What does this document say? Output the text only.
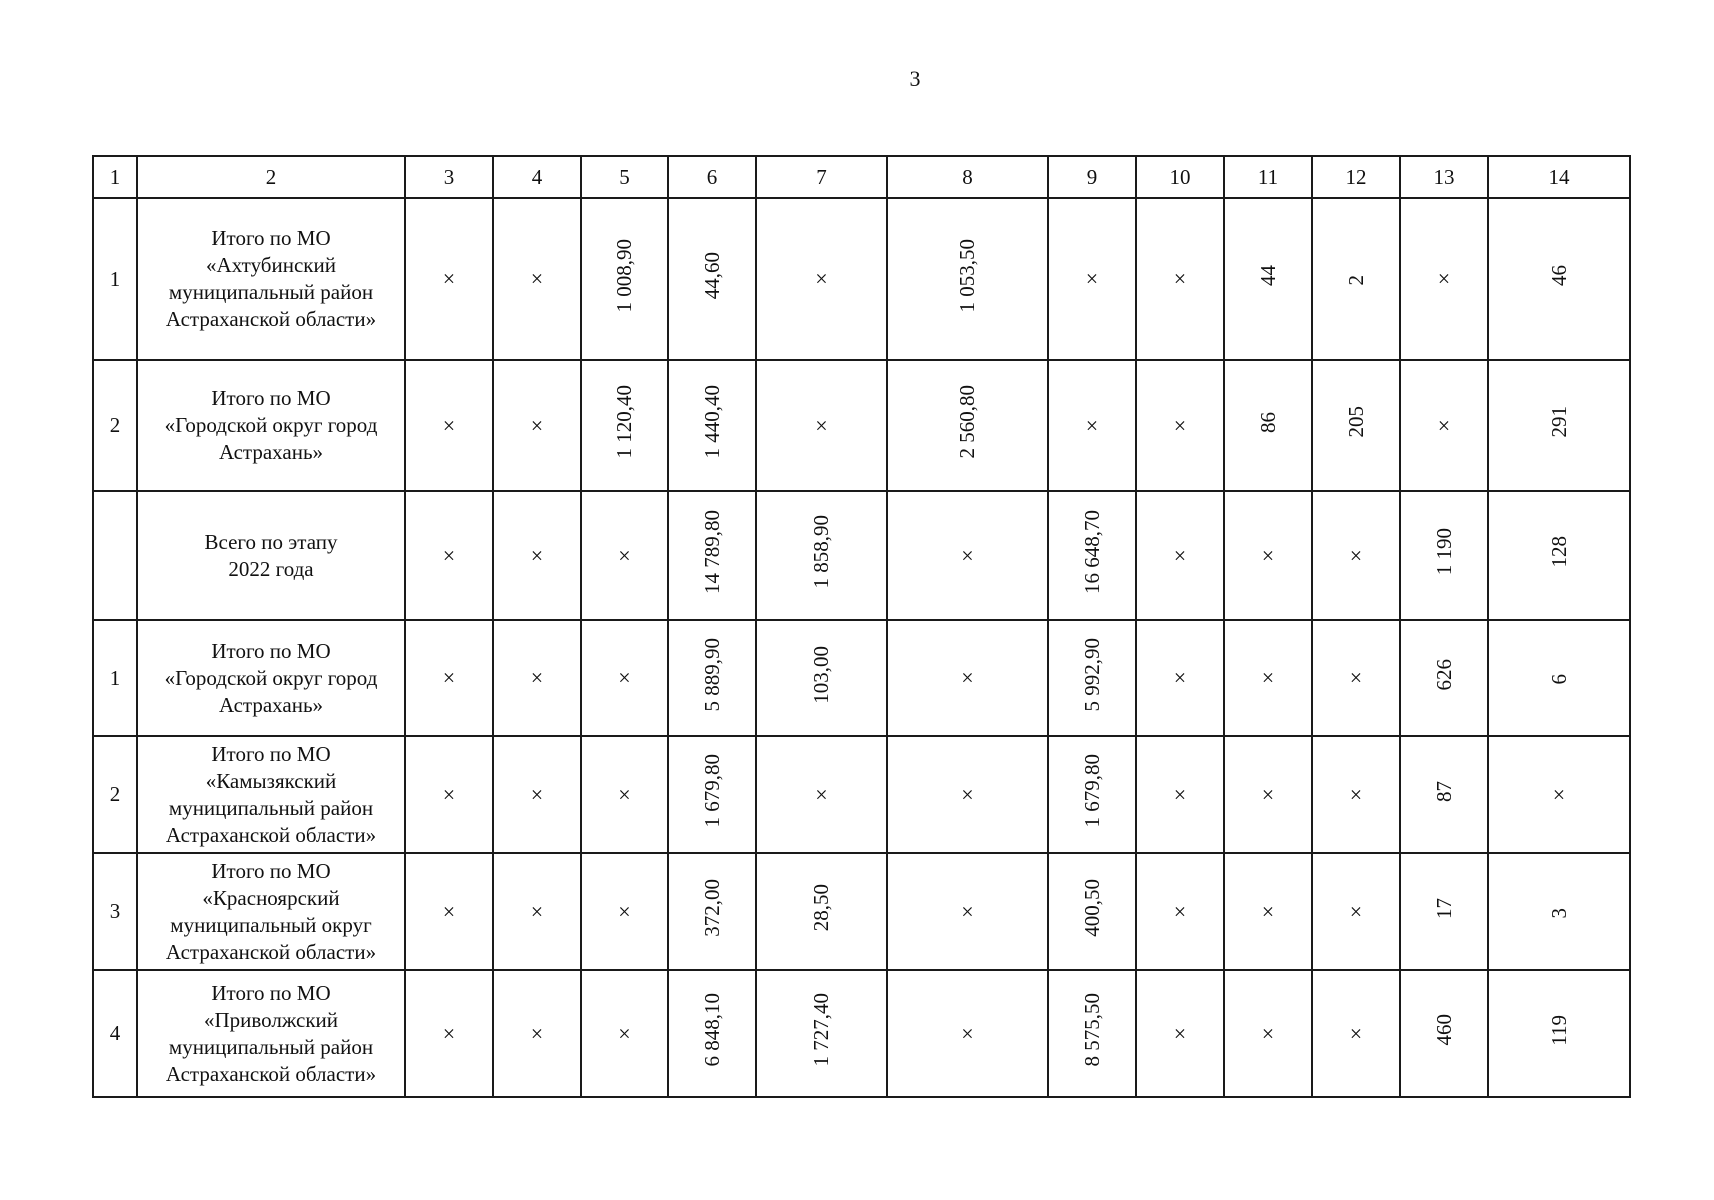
3
1	2	3	4	5	6	7	8	9	10	11	12	13	14
1	Итого по МО
«Ахтубинский
муниципальный район
Астраханской области»	×	×	1 008,90	44,60	×	1 053,50	×	×	44	2	×	46
2	Итого по МО
«Городской округ город
Астрахань»	×	×	1 120,40	1 440,40	×	2 560,80	×	×	86	205	×	291

	Всего по этапу
2022 года	×	×	×	14 789,80	1 858,90	×	16 648,70	×	×	×	1 190	128
1	Итого по МО
«Городской округ город
Астрахань»	×	×	×	5 889,90	103,00	×	5 992,90	×	×	×	626	6
2	Итого по МО
«Камызякский
муниципальный район
Астраханской области»	×	×	×	1 679,80	×	×	1 679,80	×	×	×	87	×
3	Итого по МО
«Красноярский
муниципальный округ
Астраханской области»	×	×	×	372,00	28,50	×	400,50	×	×	×	17	3
4	Итого по МО
«Приволжский
муниципальный район
Астраханской области»	×	×	×	6 848,10	1 727,40	×	8 575,50	×	×	×	460	119
